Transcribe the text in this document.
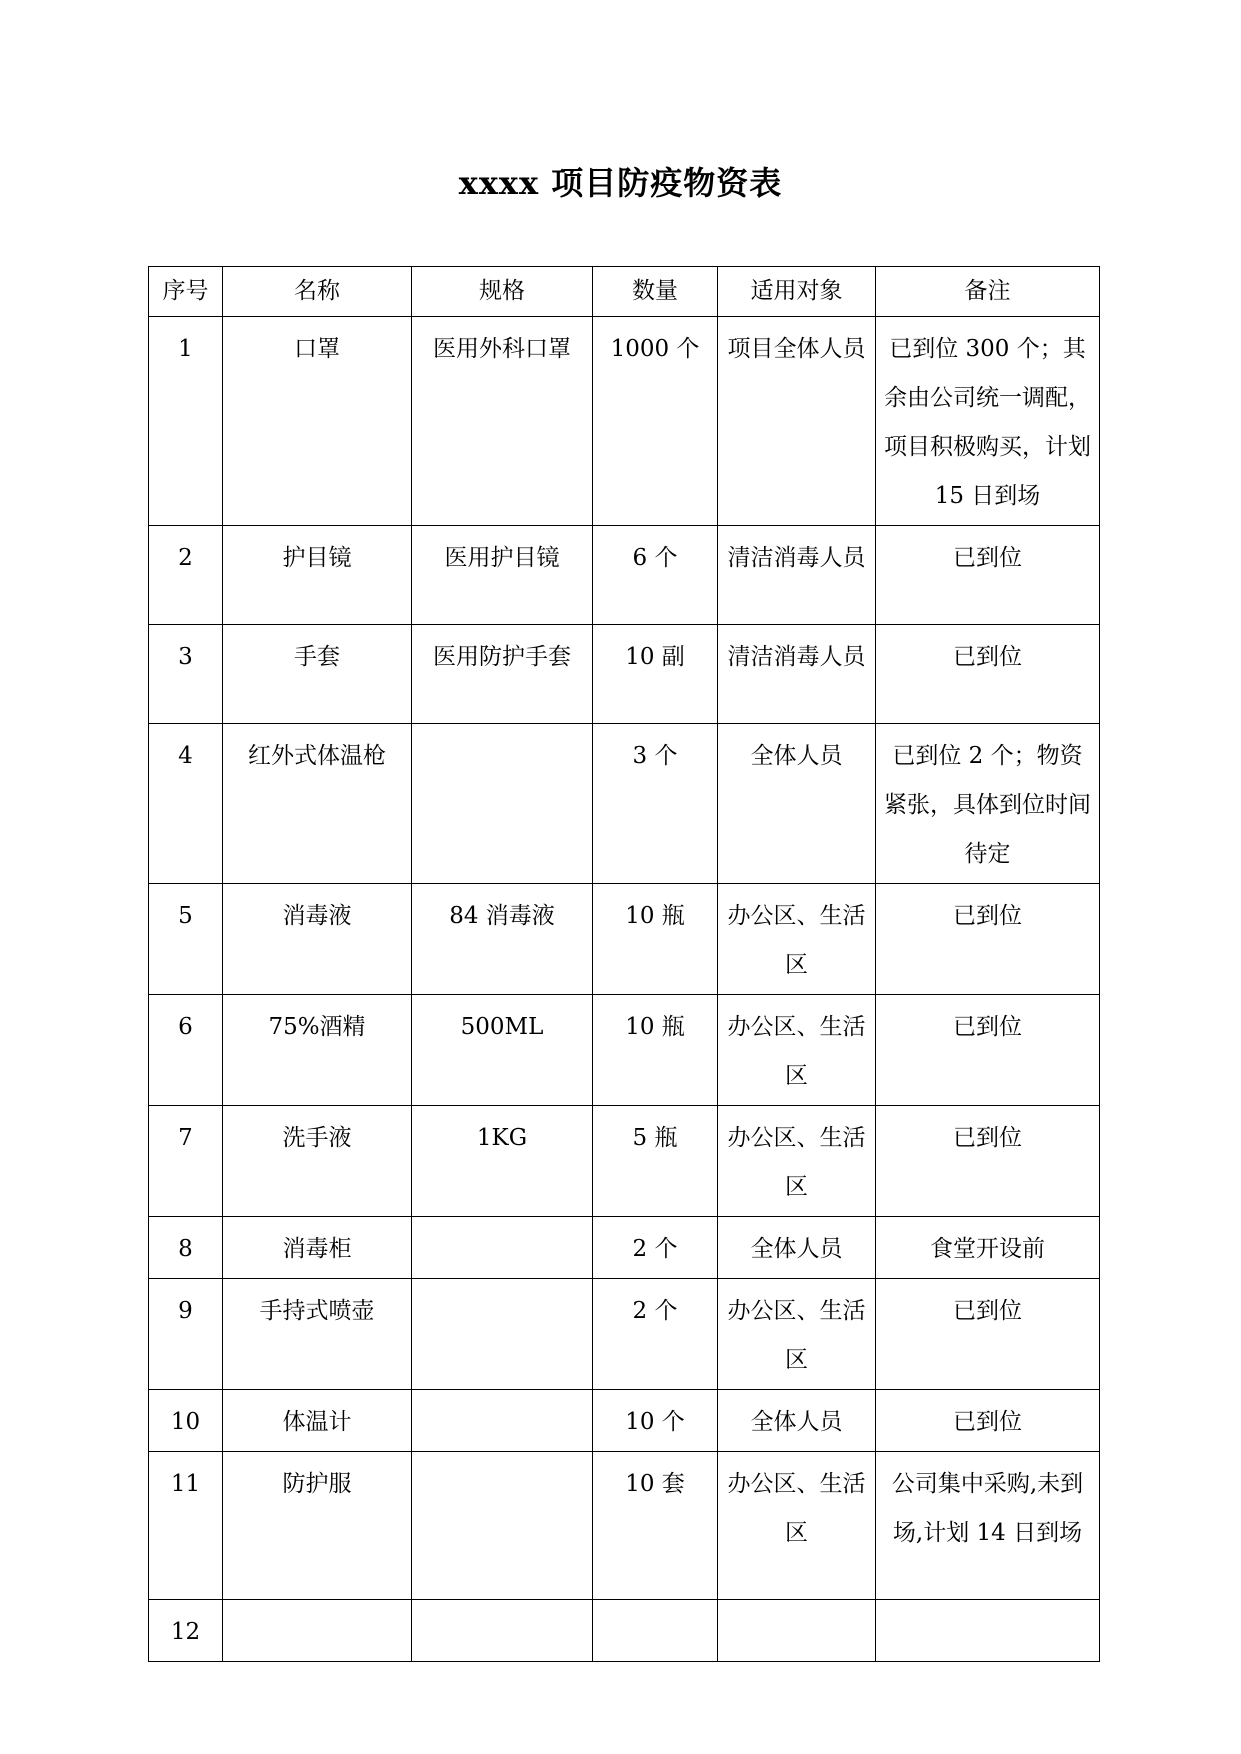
xxxx 项目防疫物资表
序号	名称	规格	数量	适用对象	备注
1	口罩	医用外科口罩	1000 个	项目全体人员	已到位 300 个；其余由公司统一调配，项目积极购买，计划 15 日到场
2	护目镜	医用护目镜	6 个	清洁消毒人员	已到位
3	手套	医用防护手套	10 副	清洁消毒人员	已到位
4	红外式体温枪		3 个	全体人员	已到位 2 个；物资紧张，具体到位时间待定
5	消毒液	84 消毒液	10 瓶	办公区、生活区	已到位
6	75%酒精	500ML	10 瓶	办公区、生活区	已到位
7	洗手液	1KG	5 瓶	办公区、生活区	已到位
8	消毒柜		2 个	全体人员	食堂开设前
9	手持式喷壶		2 个	办公区、生活区	已到位
10	体温计		10 个	全体人员	已到位
11	防护服		10 套	办公区、生活区	公司集中采购,未到场,计划 14 日到场
12					
